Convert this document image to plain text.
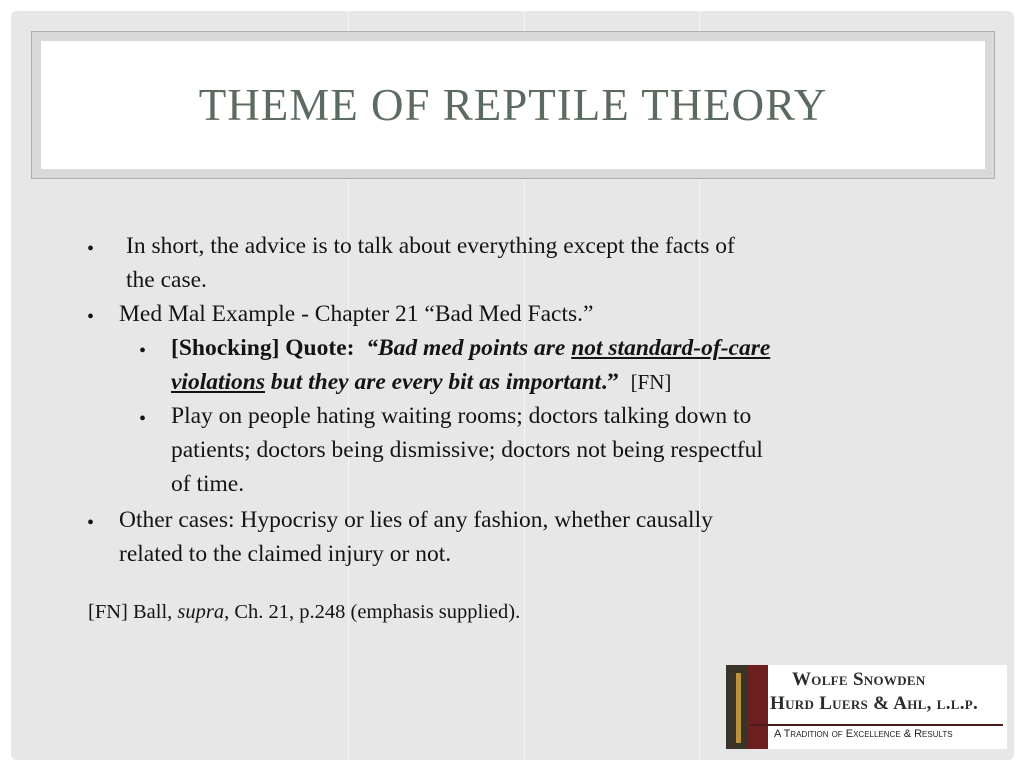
THEME OF REPTILE THEORY
• In short, the advice is to talk about everything except the facts of
the case.
• Med Mal Example - Chapter 21 “Bad Med Facts.”
• [Shocking] Quote: “Bad med points are not standard-of-care
violations but they are every bit as important.” [FN]
• Play on people hating waiting rooms; doctors talking down to
patients; doctors being dismissive; doctors not being respectful
of time.
• Other cases: Hypocrisy or lies of any fashion, whether causally
related to the claimed injury or not.
[FN] Ball, supra, Ch. 21, p.248 (emphasis supplied).
Wolfe Snowden
Hurd Luers & Ahl, l.l.p.
A Tradition of Excellence & Results
